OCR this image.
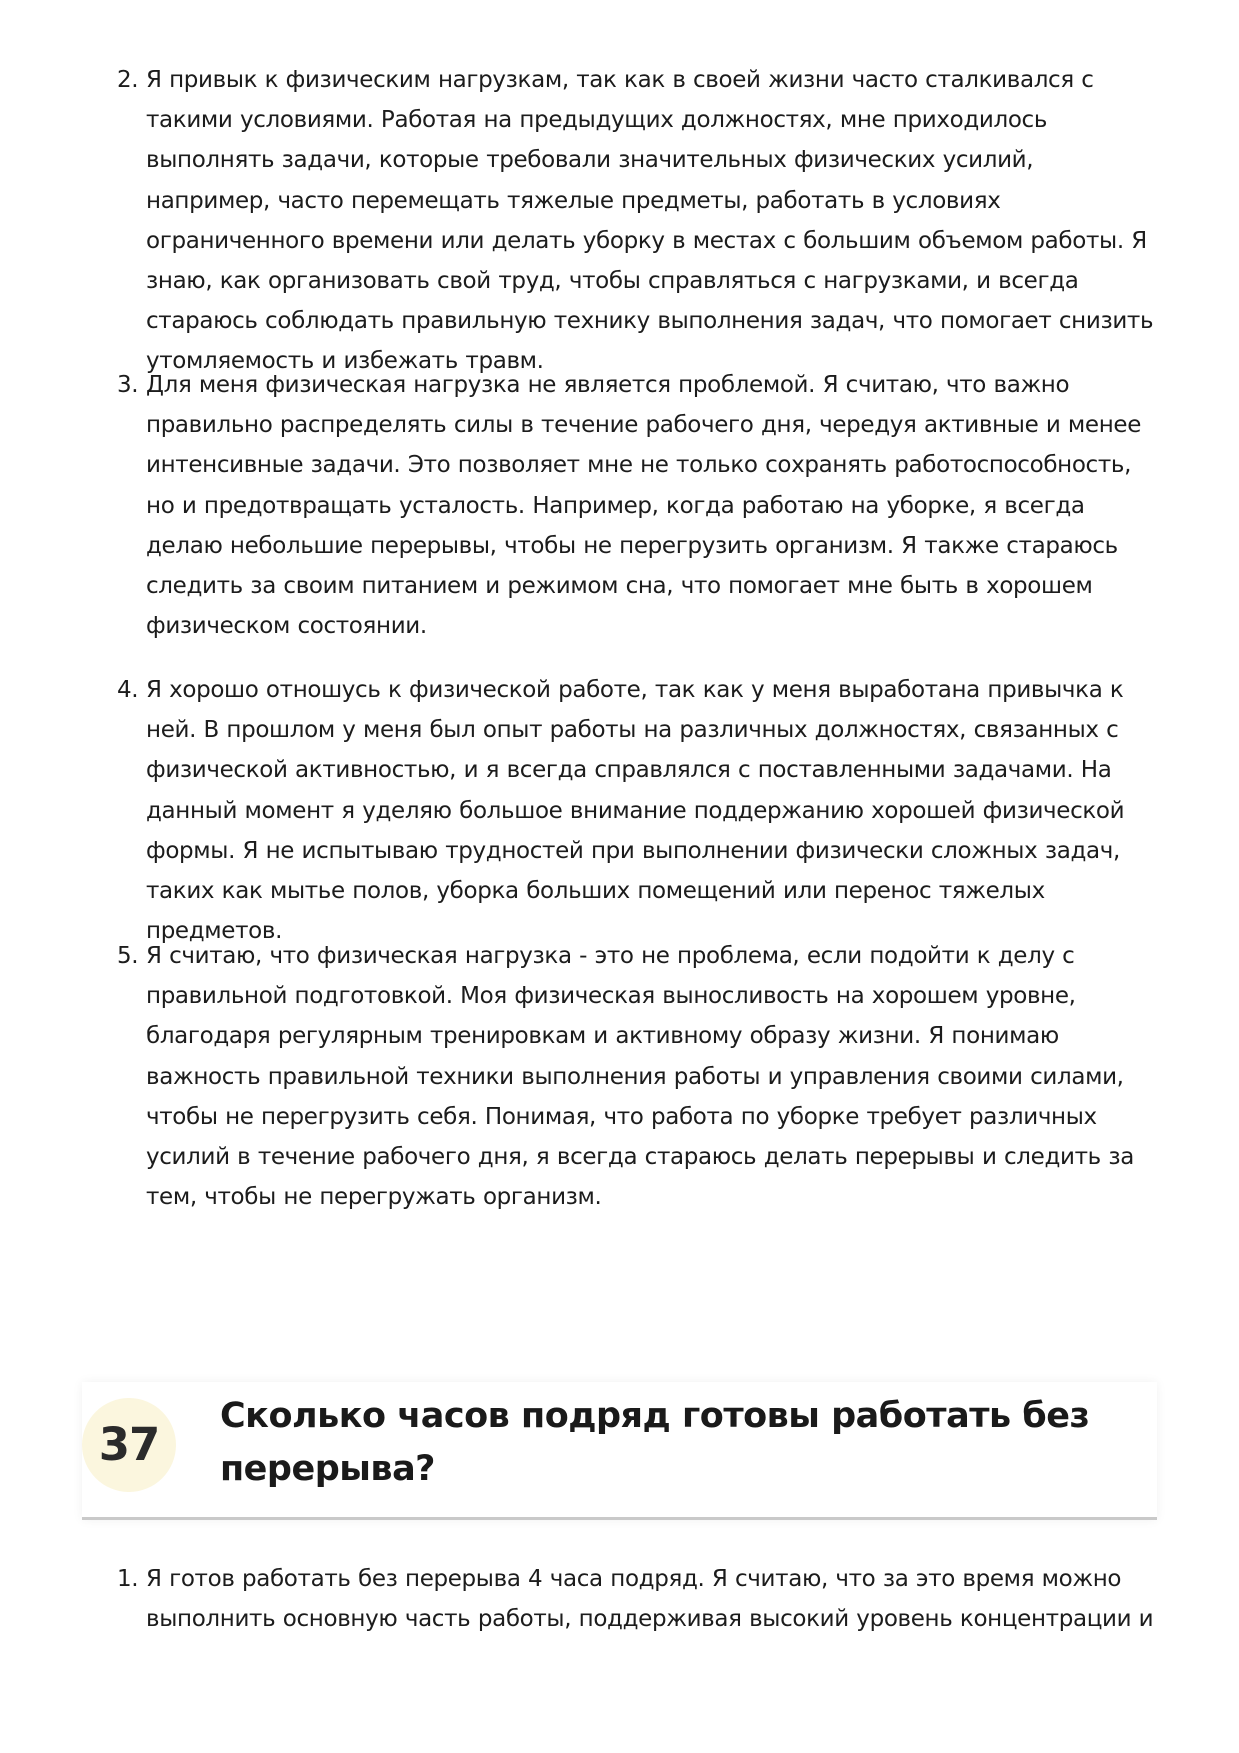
2. Я привык к физическим нагрузкам, так как в своей жизни часто сталкивался с такими условиями. Работая на предыдущих должностях, мне приходилось выполнять задачи, которые требовали значительных физических усилий, например, часто перемещать тяжелые предметы, работать в условиях ограниченного времени или делать уборку в местах с большим объемом работы. Я знаю, как организовать свой труд, чтобы справляться с нагрузками, и всегда стараюсь соблюдать правильную технику выполнения задач, что помогает снизить утомляемость и избежать травм.
3. Для меня физическая нагрузка не является проблемой. Я считаю, что важно правильно распределять силы в течение рабочего дня, чередуя активные и менее интенсивные задачи. Это позволяет мне не только сохранять работоспособность, но и предотвращать усталость. Например, когда работаю на уборке, я всегда делаю небольшие перерывы, чтобы не перегрузить организм. Я также стараюсь следить за своим питанием и режимом сна, что помогает мне быть в хорошем физическом состоянии.
4. Я хорошо отношусь к физической работе, так как у меня выработана привычка к ней. В прошлом у меня был опыт работы на различных должностях, связанных с физической активностью, и я всегда справлялся с поставленными задачами. На данный момент я уделяю большое внимание поддержанию хорошей физической формы. Я не испытываю трудностей при выполнении физически сложных задач, таких как мытье полов, уборка больших помещений или перенос тяжелых предметов.
5. Я считаю, что физическая нагрузка - это не проблема, если подойти к делу с правильной подготовкой. Моя физическая выносливость на хорошем уровне, благодаря регулярным тренировкам и активному образу жизни. Я понимаю важность правильной техники выполнения работы и управления своими силами, чтобы не перегрузить себя. Понимая, что работа по уборке требует различных усилий в течение рабочего дня, я всегда стараюсь делать перерывы и следить за тем, чтобы не перегружать организм.
37
Сколько часов подряд готовы работать без перерыва?
1. Я готов работать без перерыва 4 часа подряд. Я считаю, что за это время можно выполнить основную часть работы, поддерживая высокий уровень концентрации и
